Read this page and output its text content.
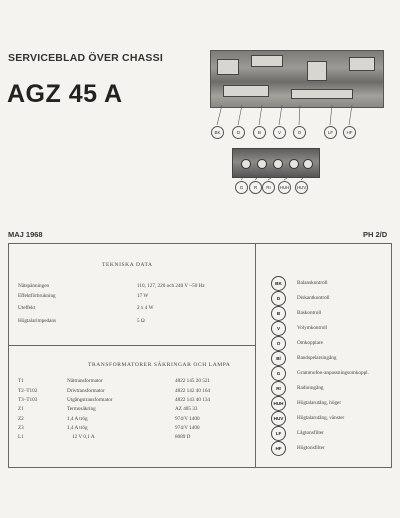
SERVICEBLAD ÖVER CHASSI
AGZ 45 A
BK	D	B	V	O	LF	HF
G	R	RI	HUH	HUV
MAJ 1968	PH 2/D
TEKNISKA DATA
Nätspänningen	110, 127, 220 och 240 V ~50 Hz
Effektförbrukning	17 W
Uteffekt	2 x 4 W
Högtalarimpedans	5 Ω
TRANSFORMATORER SÄKRINGAR OCH LAMPA
T1	Nättransformator	4822 145 20 521
T2–T102	Drivtransformator	4822 142 40 164
T3–T103	Utgångstransformator	4822 143 40 134
Z1	Termosäkring	AZ 405 33
Z2	1,4 A trög	974/V 1400
Z3	1,4 A trög	974/V 1400
L1	12 V 0,1 A	8089 D
BK	Balanskontroll
D	Diskantkontroll
B	Baskontroll
V	Volymkontroll
O	Omkopplare
Bl	Bandspelarsingång
G	Grammofon-anpassningsomkoppl.
RI	Radioingång
HUH	Högtalarutång, höger
HUV	Högtalarutång, vänster
LF	Lågtonsfilter
HF	Högtonsfilter
